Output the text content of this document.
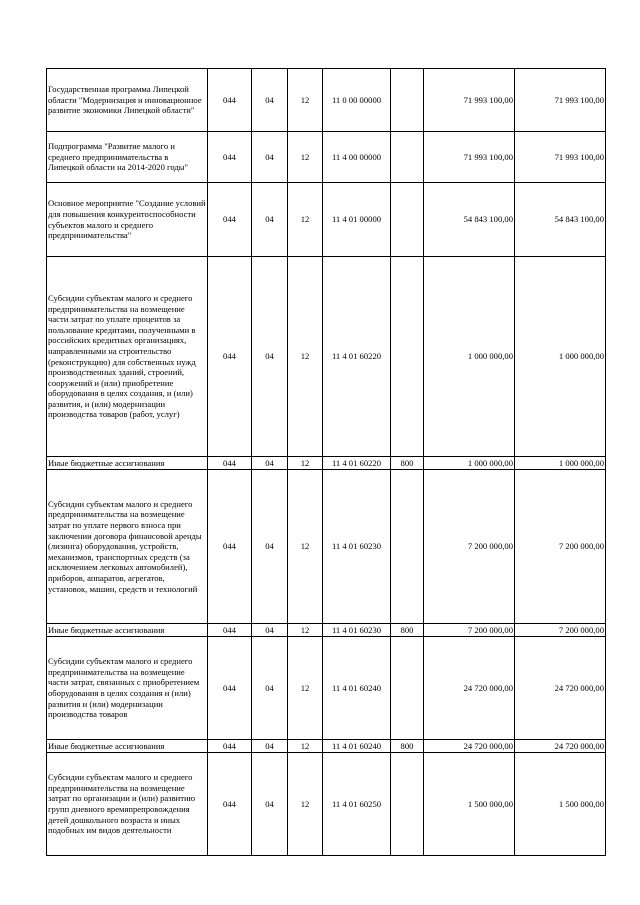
Государственная программа Липецкой области "Модернизация и инновационное развитие экономики Липецкой области"	044	04	12	11 0 00 00000		71 993 100,00	71 993 100,00
Подпрограмма "Развитие малого и среднего предпринимательства в Липецкой области на 2014-2020 годы"	044	04	12	11 4 00 00000		71 993 100,00	71 993 100,00
Основное мероприятие "Создание условий для повышения конкурентоспособности субъектов малого и среднего предпринимательства"	044	04	12	11 4 01 00000		54 843 100,00	54 843 100,00
Субсидии субъектам малого и среднего предпринимательства на возмещение части затрат по уплате процентов за пользование кредитами, полученными в российских кредитных организациях, направленными на строительство (реконструкцию) для собственных нужд производственных зданий, строений, сооружений и (или) приобретение оборудования в целях создания, и (или) развития, и (или) модернизации производства товаров (работ, услуг)	044	04	12	11 4 01 60220		1 000 000,00	1 000 000,00
Иные бюджетные ассигнования	044	04	12	11 4 01 60220	800	1 000 000,00	1 000 000,00
Субсидии субъектам малого и среднего предпринимательства на возмещение затрат по уплате первого взноса при заключении договора финансовой аренды (лизинга) оборудования, устройств, механизмов, транспортных средств (за исключением легковых автомобилей), приборов, аппаратов, агрегатов, установок, машин, средств и технологий	044	04	12	11 4 01 60230		7 200 000,00	7 200 000,00
Иные бюджетные ассигнования	044	04	12	11 4 01 60230	800	7 200 000,00	7 200 000,00
Субсидии субъектам малого и среднего предпринимательства на возмещение части затрат, связанных с приобретением оборудования в целях создания и (или) развития и (или) модернизации производства товаров	044	04	12	11 4 01 60240		24 720 000,00	24 720 000,00
Иные бюджетные ассигнования	044	04	12	11 4 01 60240	800	24 720 000,00	24 720 000,00
Субсидии субъектам малого и среднего предпринимательства на возмещение затрат по организации и (или) развитию групп дневного времяпрепровождения детей дошкольного возраста и иных подобных им видов деятельности	044	04	12	11 4 01 60250		1 500 000,00	1 500 000,00
